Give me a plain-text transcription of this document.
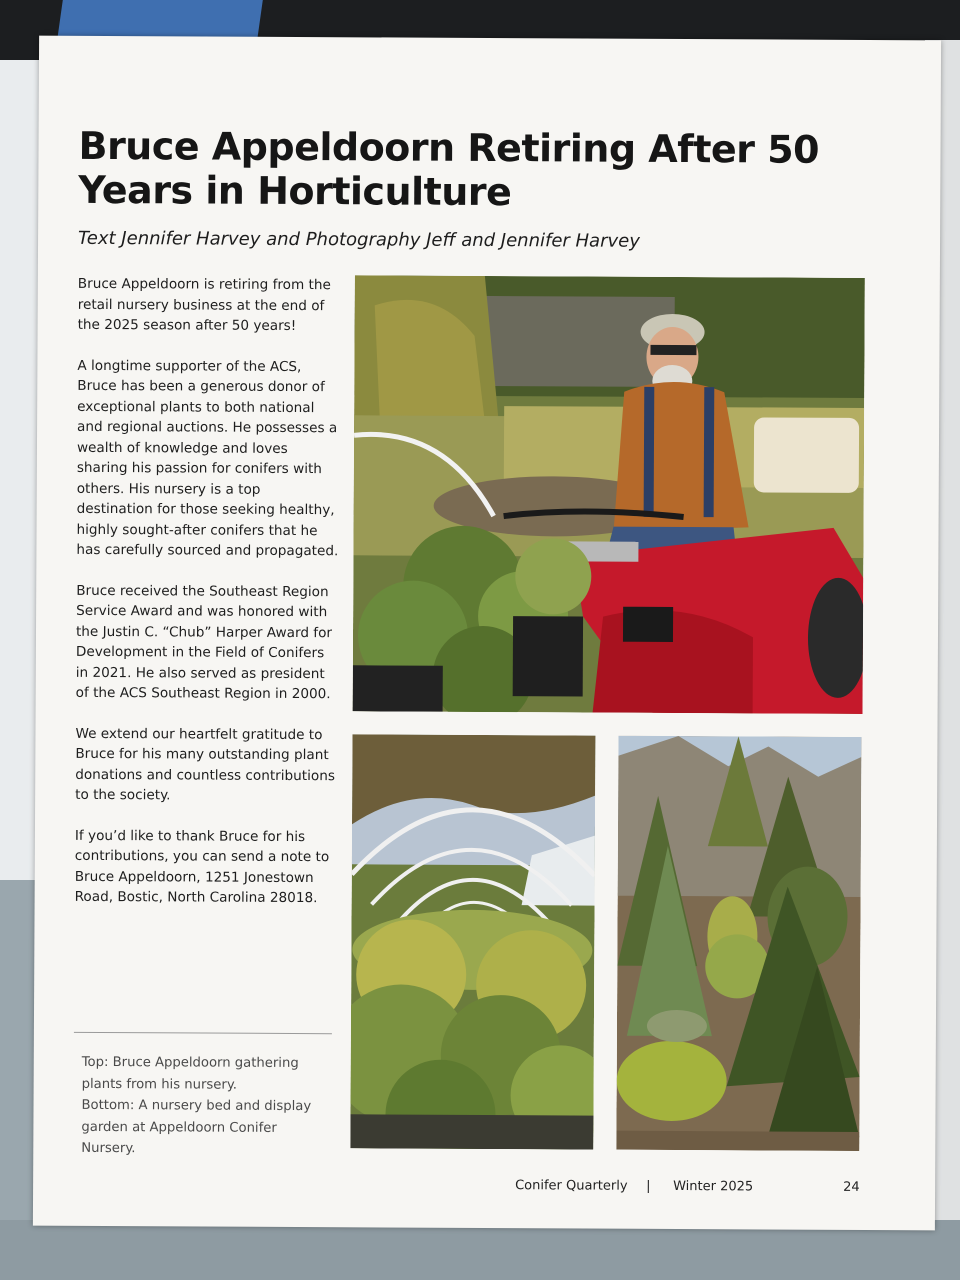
Bruce Appeldoorn Retiring After 50 Years in Horticulture
Text Jennifer Harvey and Photography Jeff and Jennifer Harvey

Bruce Appeldoorn is retiring from the retail nursery business at the end of the 2025 season after 50 years!

A longtime supporter of the ACS, Bruce has been a generous donor of exceptional plants to both national and regional auctions. He possesses a wealth of knowledge and loves sharing his passion for conifers with others. His nursery is a top destination for those seeking healthy, highly sought-after conifers that he has carefully sourced and propagated.

Bruce received the Southeast Region Service Award and was honored with the Justin C. “Chub” Harper Award for Development in the Field of Conifers in 2021. He also served as president of the ACS Southeast Region in 2000.

We extend our heartfelt gratitude to Bruce for his many outstanding plant donations and countless contributions to the society.

If you’d like to thank Bruce for his contributions, you can send a note to Bruce Appeldoorn, 1251 Jonestown Road, Bostic, North Carolina 28018.

Top: Bruce Appeldoorn gathering plants from his nursery.
Bottom: A nursery bed and display garden at Appeldoorn Conifer Nursery.
Conifer Quarterly | Winter 2025	24
